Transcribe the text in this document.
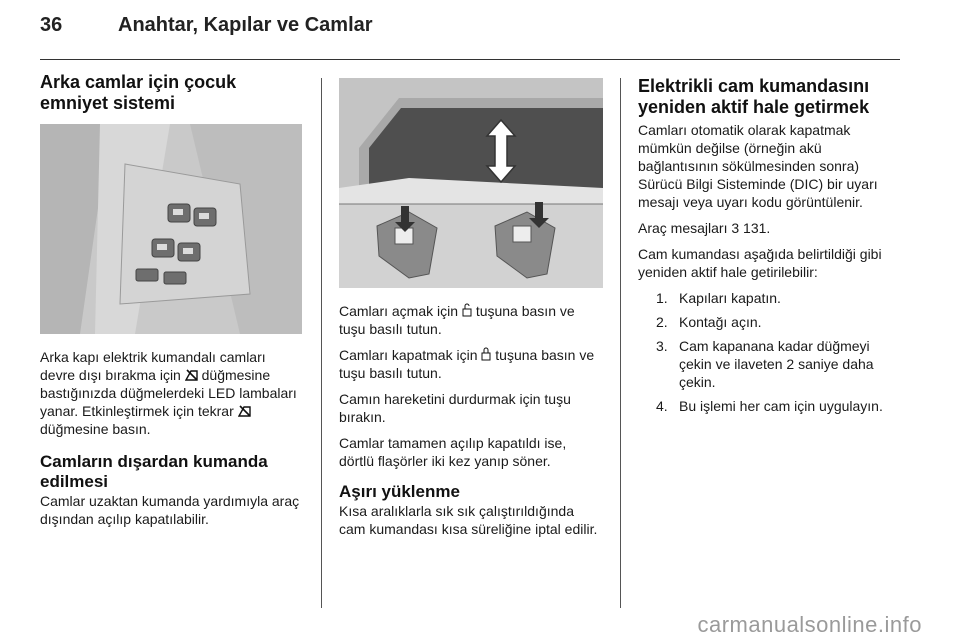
36	Anahtar, Kapılar ve Camlar
Arka camlar için çocuk emniyet sistemi

Arka kapı elektrik kumandalı camları devre dışı bırakma için düğmesine bastığınızda düğmelerdeki LED lambaları yanar. Etkinleştirmek için tekrar  düğmesine basın.

Camların dışardan kumanda edilmesi

Camlar uzaktan kumanda yardımıyla araç dışından açılıp kapatılabilir.

Camları açmak için tuşuna basın ve tuşu basılı tutun.

Camları kapatmak için tuşuna basın ve tuşu basılı tutun.

Camın hareketini durdurmak için tuşu bırakın.

Camlar tamamen açılıp kapatıldı ise, dörtlü flaşörler iki kez yanıp söner.

Aşırı yüklenme

Kısa aralıklarla sık sık çalıştırıldığında cam kumandası kısa süreliğine iptal edilir.

Elektrikli cam kumandasını yeniden aktif hale getirmek

Camları otomatik olarak kapatmak mümkün değilse (örneğin akü bağlantısının sökülmesinden sonra) Sürücü Bilgi Sisteminde (DIC) bir uyarı mesajı veya uyarı kodu görüntülenir.

Araç mesajları 3 131.

Cam kumandası aşağıda belirtildiği gibi yeniden aktif hale getirilebilir:

1. Kapıları kapatın.
2. Kontağı açın.
3. Cam kapanana kadar düğmeyi çekin ve ilaveten 2 saniye daha çekin.
4. Bu işlemi her cam için uygulayın.
carmanualsonline.info
